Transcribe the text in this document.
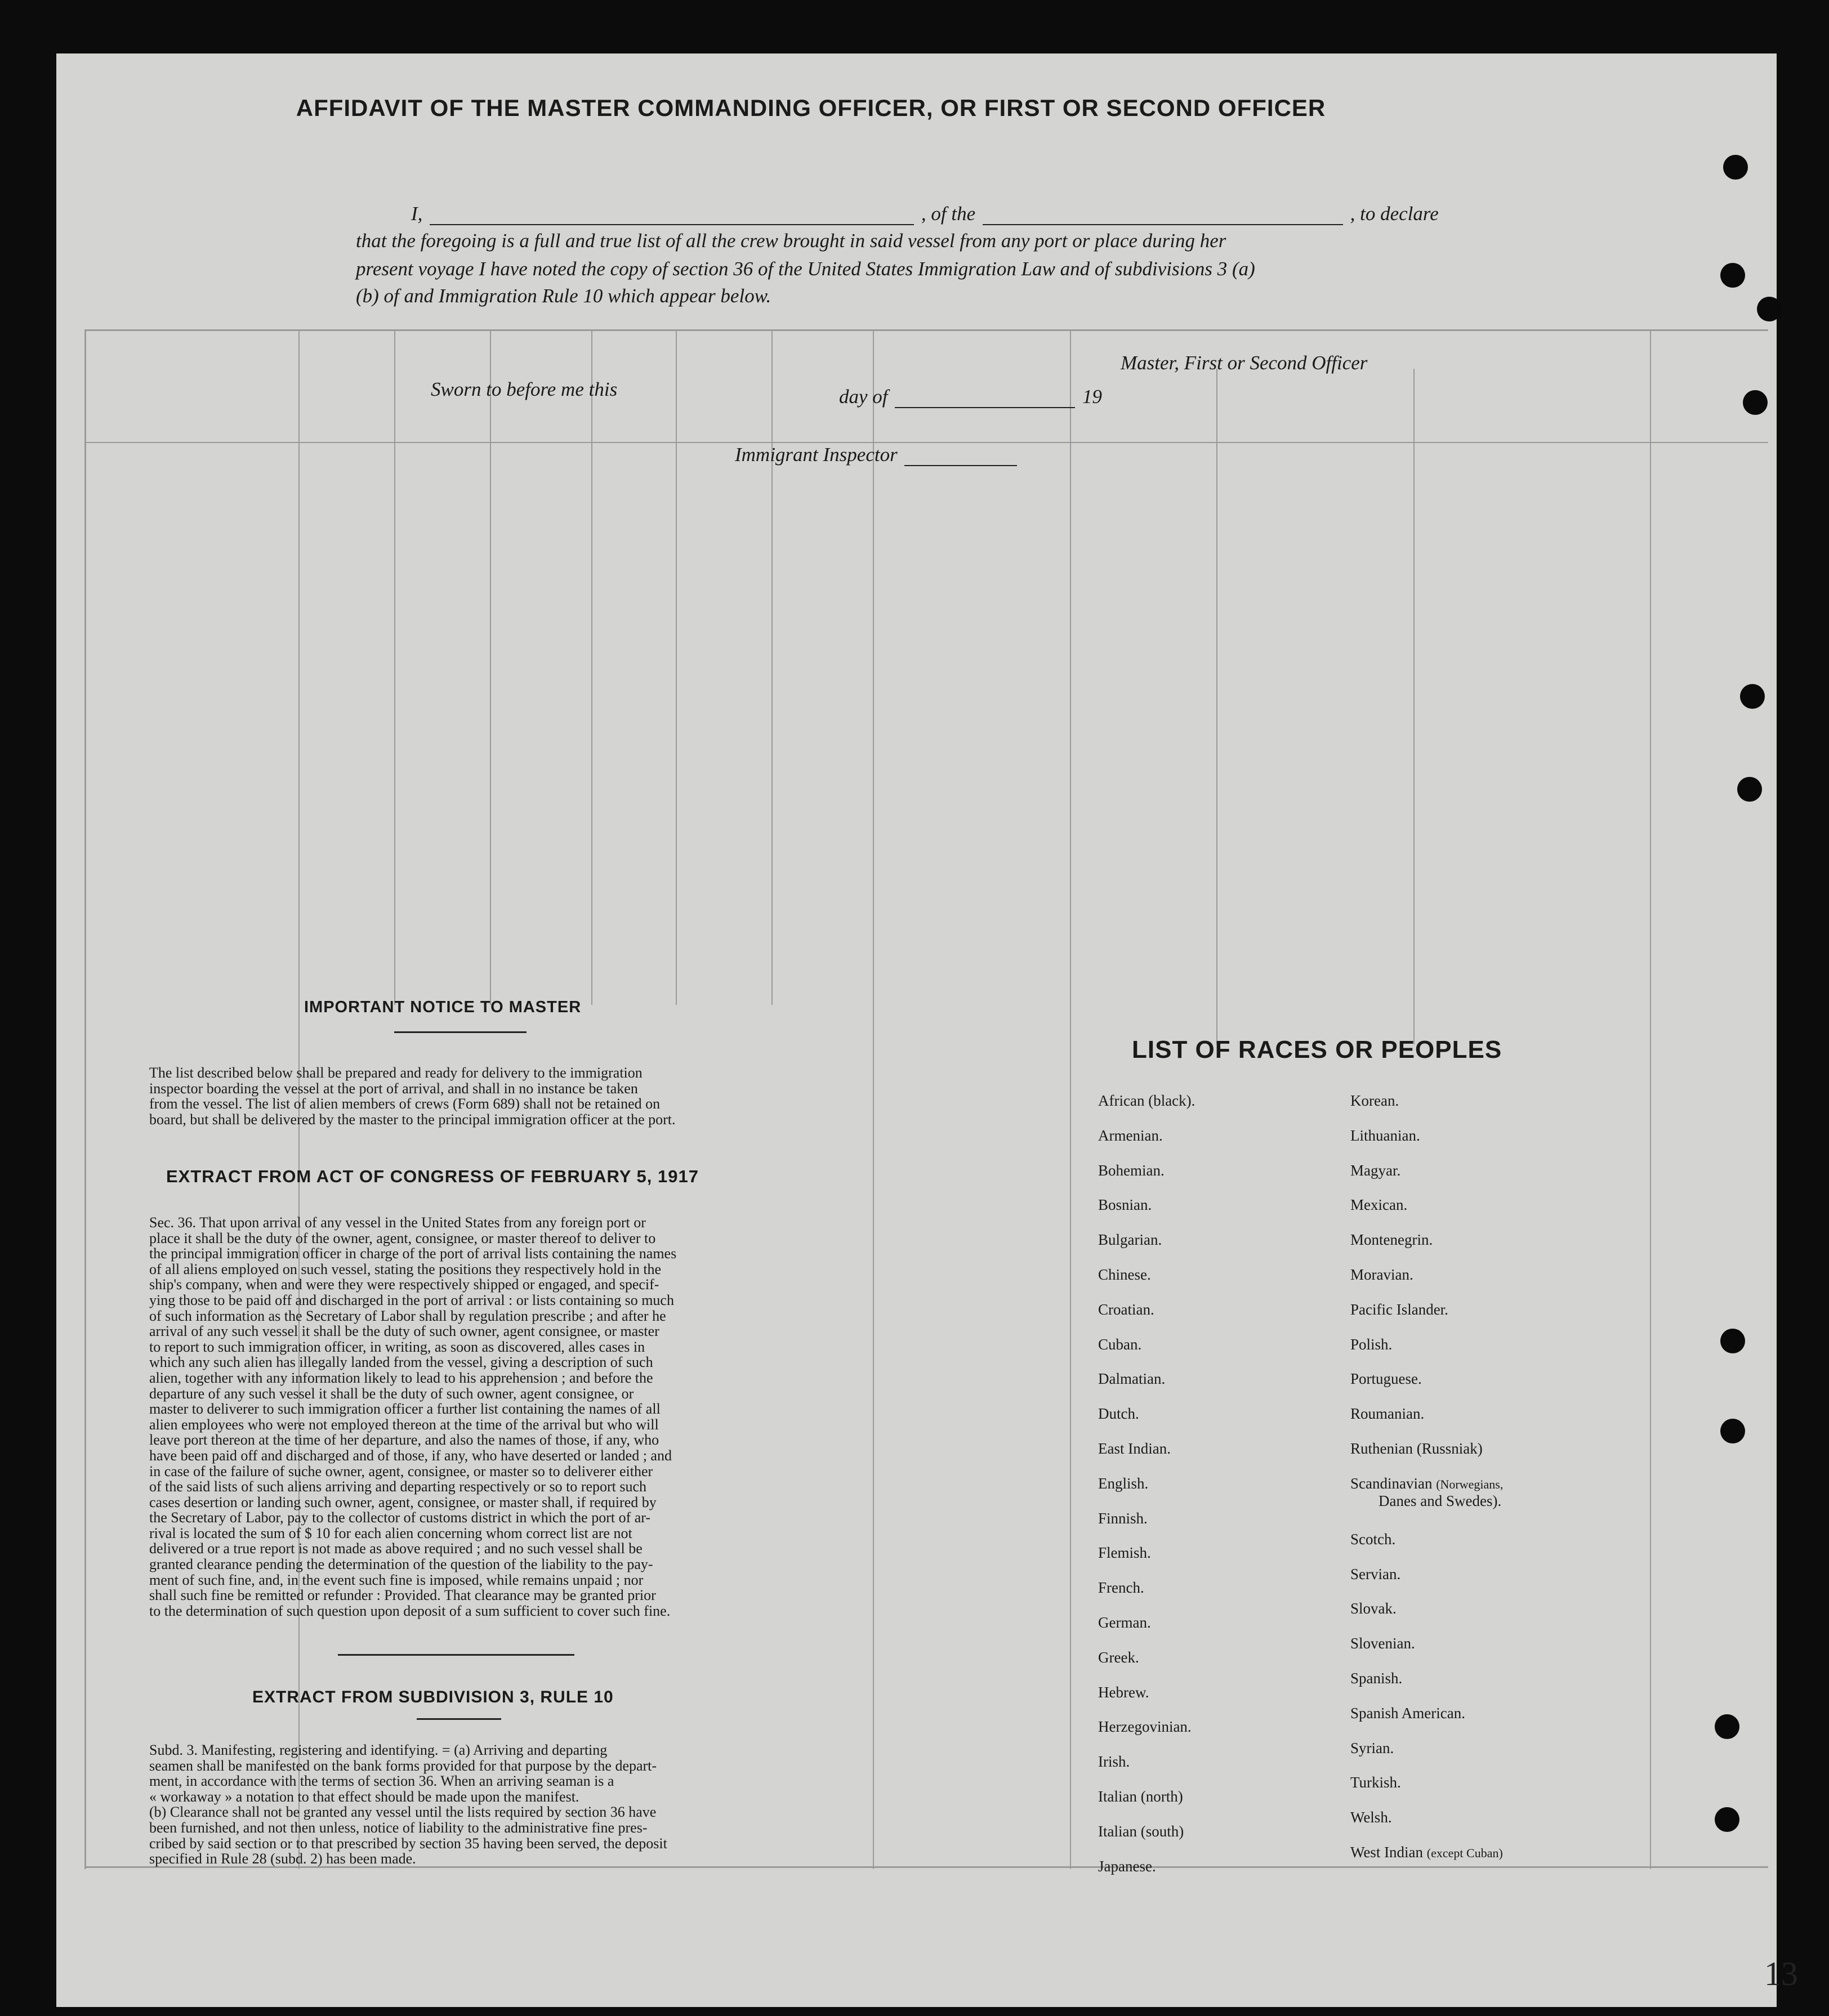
AFFIDAVIT OF THE MASTER COMMANDING OFFICER, OR FIRST OR SECOND OFFICER
I,	, of the	, to declare
that the foregoing is a full and true list of all the crew brought in said vessel from any port or place during her
present voyage I have noted the copy of section 36 of the United States Immigration Law and of subdivisions 3 (a)
(b) of and Immigration Rule 10 which appear below.
Master, First or Second Officer
Sworn to before me this	day of	19
Immigrant Inspector
IMPORTANT NOTICE TO MASTER

The list described below shall be prepared and ready for delivery to the immigration

inspector boarding the vessel at the port of arrival, and shall in no instance be taken

from the vessel. The list of alien members of crews (Form 689) shall not be retained on

board, but shall be delivered by the master to the principal immigration officer at the port.

EXTRACT FROM ACT OF CONGRESS OF FEBRUARY 5, 1917

Sec. 36. That upon arrival of any vessel in the United States from any foreign port or

place it shall be the duty of the owner, agent, consignee, or master thereof to deliver to

the principal immigration officer in charge of the port of arrival lists containing the names

of all aliens employed on such vessel, stating the positions they respectively hold in the

ship's company, when and were they were respectively shipped or engaged, and specif-

ying those to be paid off and discharged in the port of arrival : or lists containing so much

of such information as the Secretary of Labor shall by regulation prescribe ; and after he

arrival of any such vessel it shall be the duty of such owner, agent consignee, or master

to report to such immigration officer, in writing, as soon as discovered, alles cases in

which any such alien has illegally landed from the vessel, giving a description of such

alien, together with any information likely to lead to his apprehension ; and before the

departure of any such vessel it shall be the duty of such owner, agent consignee, or

master to deliverer to such immigration officer a further list containing the names of all

alien employees who were not employed thereon at the time of the arrival but who will

leave port thereon at the time of her departure, and also the names of those, if any, who

have been paid off and discharged and of those, if any, who have deserted or landed ; and

in case of the failure of suche owner, agent, consignee, or master so to deliverer either

of the said lists of such aliens arriving and departing respectively or so to report such

cases desertion or landing such owner, agent, consignee, or master shall, if required by

the Secretary of Labor, pay to the collector of customs district in which the port of ar-

rival is located the sum of $ 10 for each alien concerning whom correct list are not

delivered or a true report is not made as above required ; and no such vessel shall be

granted clearance pending the determination of the question of the liability to the pay-

ment of such fine, and, in the event such fine is imposed, while remains unpaid ; nor

shall such fine be remitted or refunder : Provided. That clearance may be granted prior

to the determination of such question upon deposit of a sum sufficient to cover such fine.

EXTRACT FROM SUBDIVISION 3, RULE 10

Subd. 3. Manifesting, registering and identifying. = (a) Arriving and departing

seamen shall be manifested on the bank forms provided for that purpose by the depart-

ment, in accordance with the terms of section 36. When an arriving seaman is a

« workaway » a notation to that effect should be made upon the manifest.

(b) Clearance shall not be granted any vessel until the lists required by section 36 have

been furnished, and not then unless, notice of liability to the administrative fine pres-

cribed by said section or to that prescribed by section 35 having been served, the deposit

specified in Rule 28 (subd. 2) has been made.

LIST OF RACES OR PEOPLES
African (black).
Armenian.
Bohemian.
Bosnian.
Bulgarian.
Chinese.
Croatian.
Cuban.
Dalmatian.
Dutch.
East Indian.
English.
Finnish.
Flemish.
French.
German.
Greek.
Hebrew.
Herzegovinian.
Irish.
Italian (north)
Italian (south)
Japanese.
Korean.
Lithuanian.
Magyar.
Mexican.
Montenegrin.
Moravian.
Pacific Islander.
Polish.
Portuguese.
Roumanian.
Ruthenian (Russniak)
Scandinavian (Norwegians,
Danes and Swedes).
Scotch.
Servian.
Slovak.
Slovenian.
Spanish.
Spanish American.
Syrian.
Turkish.
Welsh.
West Indian (except Cuban)
13
